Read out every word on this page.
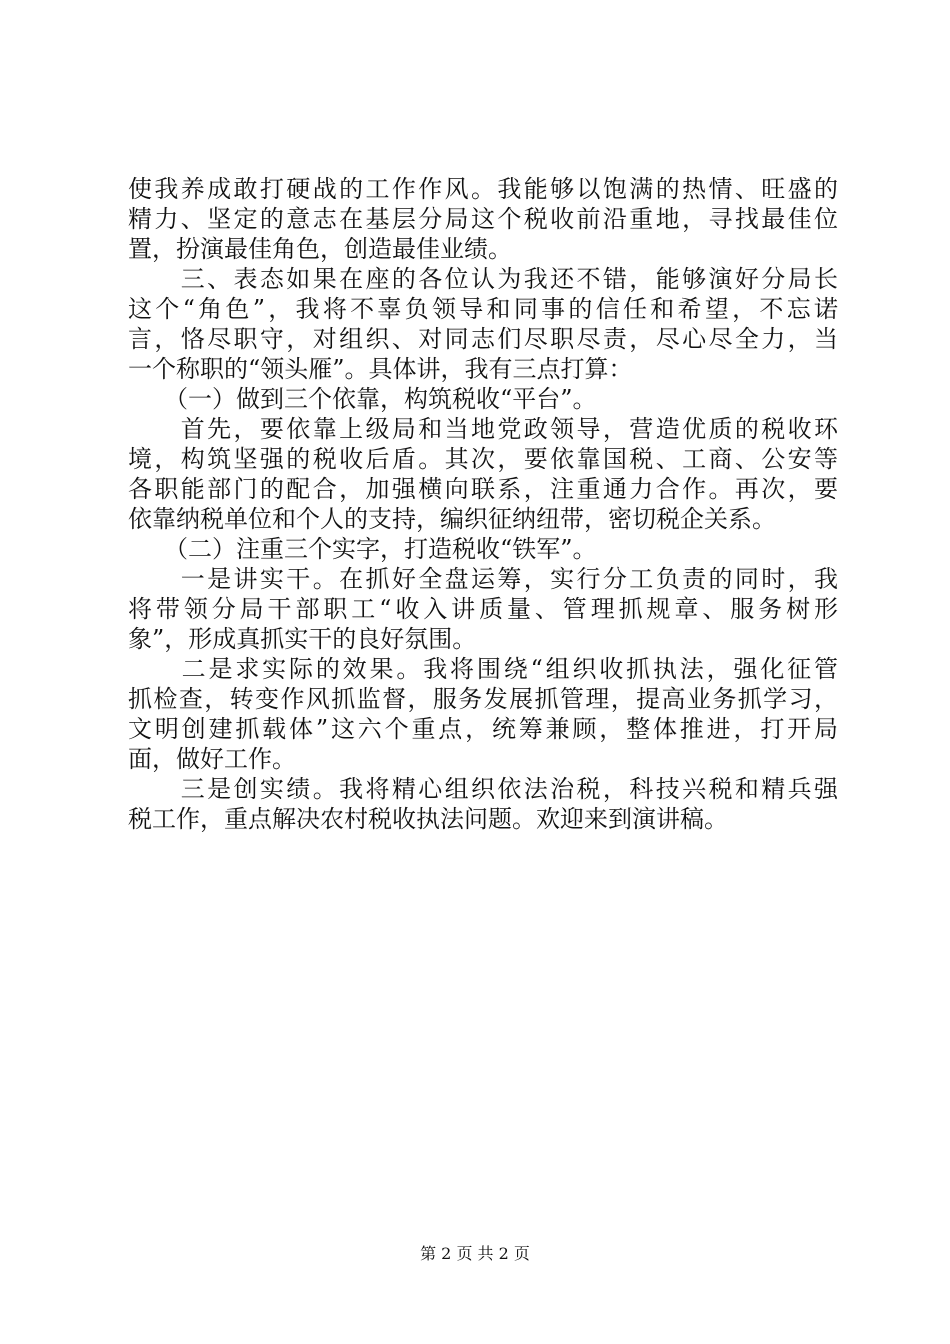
使我养成敢打硬战的工作作风。我能够以饱满的热情、旺盛的
精力、坚定的意志在基层分局这个税收前沿重地，寻找最佳位
置，扮演最佳角色，创造最佳业绩。
　　三、表态如果在座的各位认为我还不错，能够演好分局长
这个“角色”，我将不辜负领导和同事的信任和希望，不忘诺
言，恪尽职守，对组织、对同志们尽职尽责，尽心尽全力，当
一个称职的“领头雁”。具体讲，我有三点打算：
　　（一）做到三个依靠，构筑税收“平台”。
　　首先，要依靠上级局和当地党政领导，营造优质的税收环
境，构筑坚强的税收后盾。其次，要依靠国税、工商、公安等
各职能部门的配合，加强横向联系，注重通力合作。再次，要
依靠纳税单位和个人的支持，编织征纳纽带，密切税企关系。
　　（二）注重三个实字，打造税收“铁军”。
　　一是讲实干。在抓好全盘运筹，实行分工负责的同时，我
将带领分局干部职工“收入讲质量、管理抓规章、服务树形
象”，形成真抓实干的良好氛围。
　　二是求实际的效果。我将围绕“组织收抓执法，强化征管
抓检查，转变作风抓监督，服务发展抓管理，提高业务抓学习，
文明创建抓载体”这六个重点，统筹兼顾，整体推进，打开局
面，做好工作。
　　三是创实绩。我将精心组织依法治税，科技兴税和精兵强
税工作，重点解决农村税收执法问题。欢迎来到演讲稿。
第 2 页 共 2 页
